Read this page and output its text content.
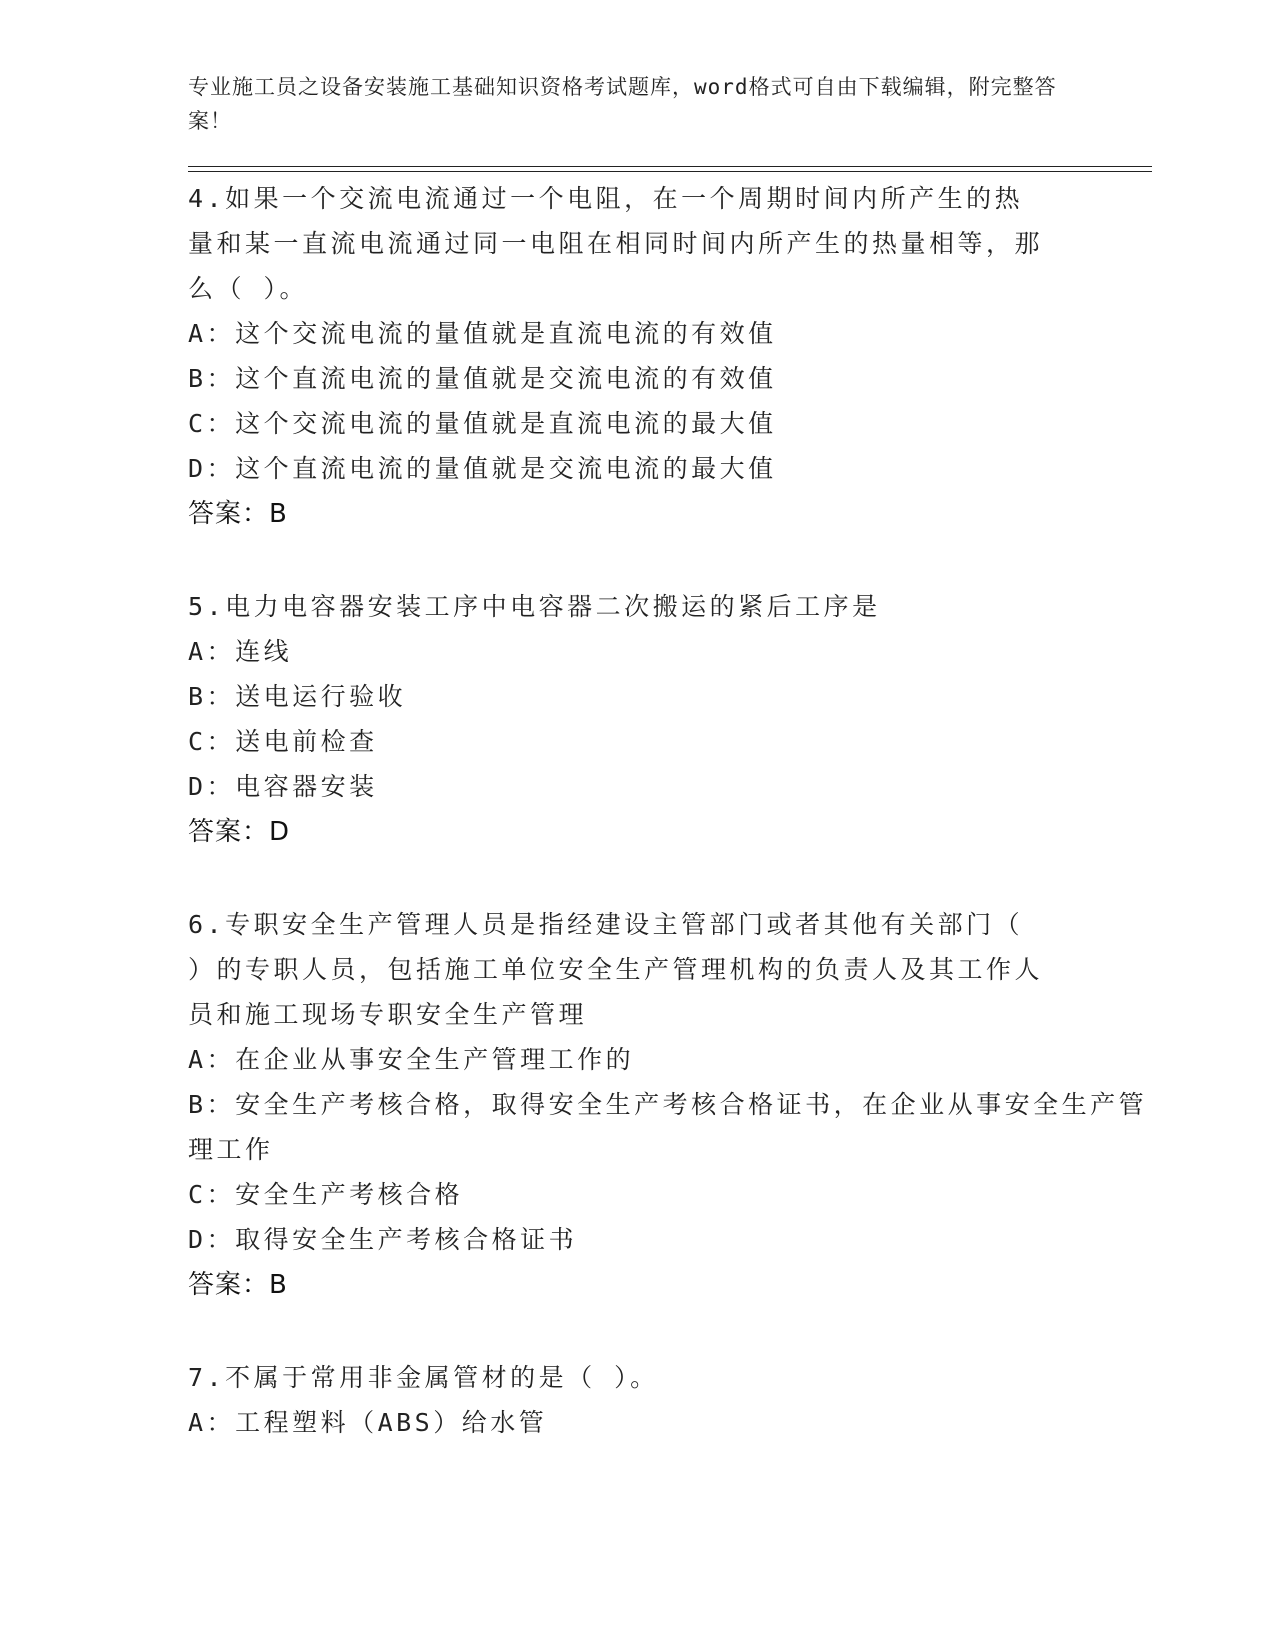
专业施工员之设备安装施工基础知识资格考试题库，word格式可自由下载编辑，附完整答案！
4.如果一个交流电流通过一个电阻，在一个周期时间内所产生的热量和某一直流电流通过同一电阻在相同时间内所产生的热量相等，那么（ ）。
A： 这个交流电流的量值就是直流电流的有效值
B： 这个直流电流的量值就是交流电流的有效值
C： 这个交流电流的量值就是直流电流的最大值
D： 这个直流电流的量值就是交流电流的最大值
答案：B
5.电力电容器安装工序中电容器二次搬运的紧后工序是
A： 连线
B： 送电运行验收
C： 送电前检查
D： 电容器安装
答案：D
6.专职安全生产管理人员是指经建设主管部门或者其他有关部门（ ）的专职人员，包括施工单位安全生产管理机构的负责人及其工作人员和施工现场专职安全生产管理
A： 在企业从事安全生产管理工作的
B：安全生产考核合格，取得安全生产考核合格证书，在企业从事安全生产管理工作
C： 安全生产考核合格
D： 取得安全生产考核合格证书
答案：B
7.不属于常用非金属管材的是（ ）。
A： 工程塑料（ABS）给水管
